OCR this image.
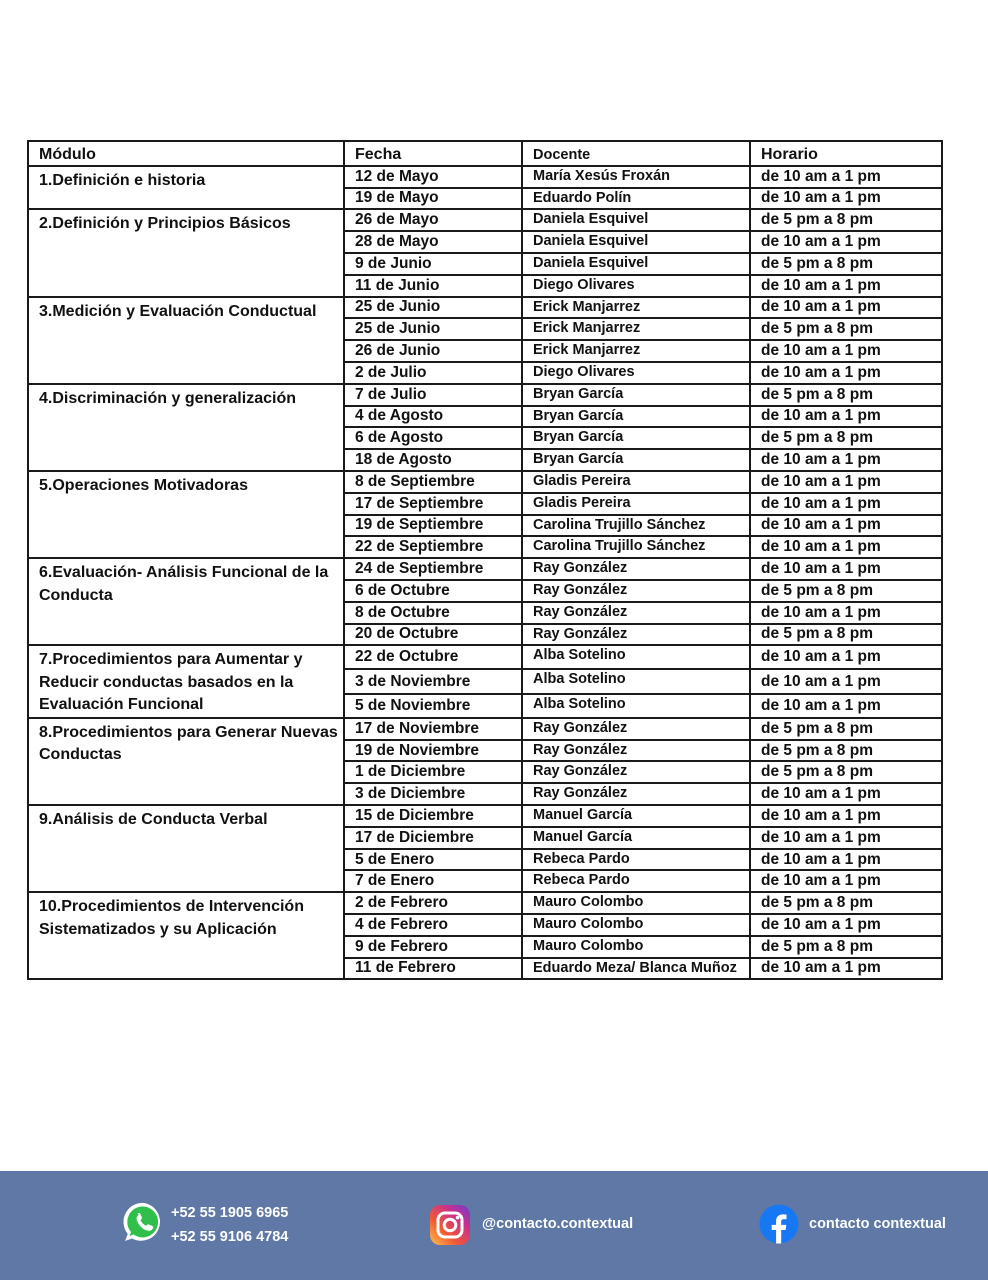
Módulo	Fecha	Docente	Horario
1.Definición e historia	12 de Mayo	María Xesús Froxán	de 10 am a 1 pm
	19 de Mayo	Eduardo Polín	de 10 am a 1 pm
2.Definición y Principios Básicos	26 de Mayo	Daniela Esquivel	de 5 pm a 8 pm
	28 de Mayo	Daniela Esquivel	de 10 am a 1 pm
	9 de Junio	Daniela Esquivel	de 5 pm a 8 pm
	11 de Junio	Diego Olivares	de 10 am a 1 pm
3.Medición y Evaluación Conductual	25 de Junio	Erick Manjarrez	de 10 am a 1 pm
	25 de Junio	Erick Manjarrez	de 5 pm a 8 pm
	26 de Junio	Erick Manjarrez	de 10 am a 1 pm
	2 de Julio	Diego Olivares	de 10 am a 1 pm
4.Discriminación y generalización	7 de Julio	Bryan García	de 5 pm a 8 pm
	4 de Agosto	Bryan García	de 10 am a 1 pm
	6 de Agosto	Bryan García	de 5 pm a 8 pm
	18 de Agosto	Bryan García	de 10 am a 1 pm
5.Operaciones Motivadoras	8 de Septiembre	Gladis Pereira	de 10 am a 1 pm
	17 de Septiembre	Gladis Pereira	de 10 am a 1 pm
	19 de Septiembre	Carolina Trujillo Sánchez	de 10 am a 1 pm
	22 de Septiembre	Carolina Trujillo Sánchez	de 10 am a 1 pm
6.Evaluación- Análisis Funcional de la Conducta	24 de Septiembre	Ray González	de 10 am a 1 pm
	6 de Octubre	Ray González	de 5 pm a 8 pm
	8 de Octubre	Ray González	de 10 am a 1 pm
	20 de Octubre	Ray González	de 5 pm a 8 pm
7.Procedimientos para Aumentar y Reducir conductas basados en la Evaluación Funcional	22 de Octubre	Alba Sotelino	de 10 am a 1 pm
	3 de Noviembre	Alba Sotelino	de 10 am a 1 pm
	5 de Noviembre	Alba Sotelino	de 10 am a 1 pm
8.Procedimientos para Generar Nuevas Conductas	17 de Noviembre	Ray González	de 5 pm a 8 pm
	19 de Noviembre	Ray González	de 5 pm a 8 pm
	1 de Diciembre	Ray González	de 5 pm a 8 pm
	3 de Diciembre	Ray González	de 10 am a 1 pm
9.Análisis de Conducta Verbal	15 de Diciembre	Manuel García	de 10 am a 1 pm
	17 de Diciembre	Manuel García	de 10 am a 1 pm
	5 de Enero	Rebeca Pardo	de 10 am a 1 pm
	7 de Enero	Rebeca Pardo	de 10 am a 1 pm
10.Procedimientos de Intervención Sistematizados y su Aplicación	2 de Febrero	Mauro Colombo	de 5 pm a 8 pm
	4 de Febrero	Mauro Colombo	de 10 am a 1 pm
	9 de Febrero	Mauro Colombo	de 5 pm a 8 pm
	11 de Febrero	Eduardo Meza/ Blanca Muñoz	de 10 am a 1 pm
+52 55 1905 6965
+52 55 9106 4784
@contacto.contextual	contacto contextual
